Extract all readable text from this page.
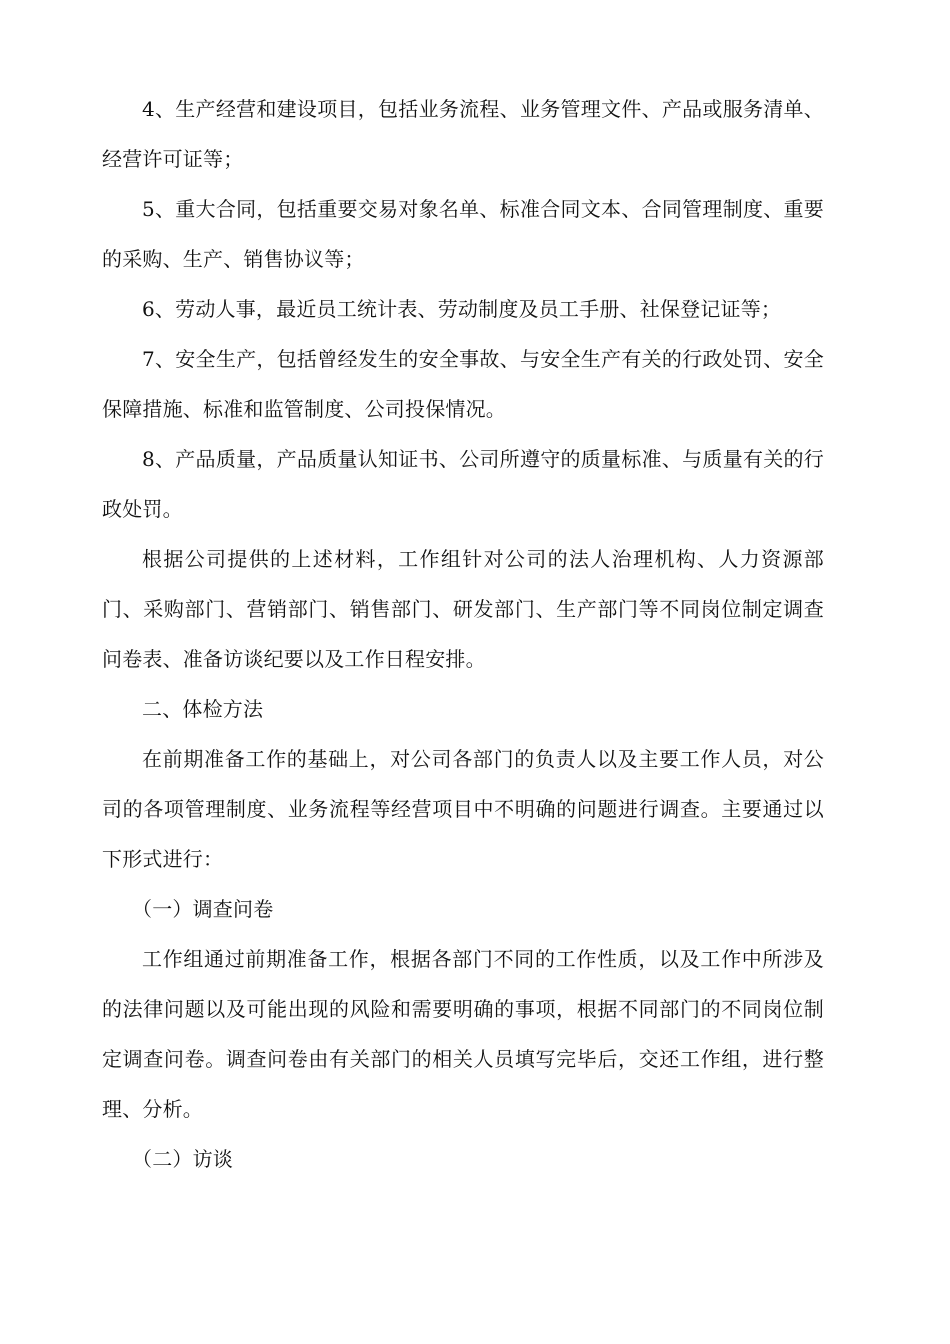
4、生产经营和建设项目，包括业务流程、业务管理文件、产品或服务清单、经营许可证等；

5、重大合同，包括重要交易对象名单、标准合同文本、合同管理制度、重要的采购、生产、销售协议等；

6、劳动人事，最近员工统计表、劳动制度及员工手册、社保登记证等；

7、安全生产，包括曾经发生的安全事故、与安全生产有关的行政处罚、安全保障措施、标准和监管制度、公司投保情况。

8、产品质量，产品质量认知证书、公司所遵守的质量标准、与质量有关的行政处罚。

根据公司提供的上述材料，工作组针对公司的法人治理机构、人力资源部门、采购部门、营销部门、销售部门、研发部门、生产部门等不同岗位制定调查问卷表、准备访谈纪要以及工作日程安排。

二、体检方法

在前期准备工作的基础上，对公司各部门的负责人以及主要工作人员，对公司的各项管理制度、业务流程等经营项目中不明确的问题进行调查。主要通过以下形式进行：

（一）调查问卷

工作组通过前期准备工作，根据各部门不同的工作性质，以及工作中所涉及的法律问题以及可能出现的风险和需要明确的事项，根据不同部门的不同岗位制定调查问卷。调查问卷由有关部门的相关人员填写完毕后，交还工作组，进行整理、分析。

（二）访谈
